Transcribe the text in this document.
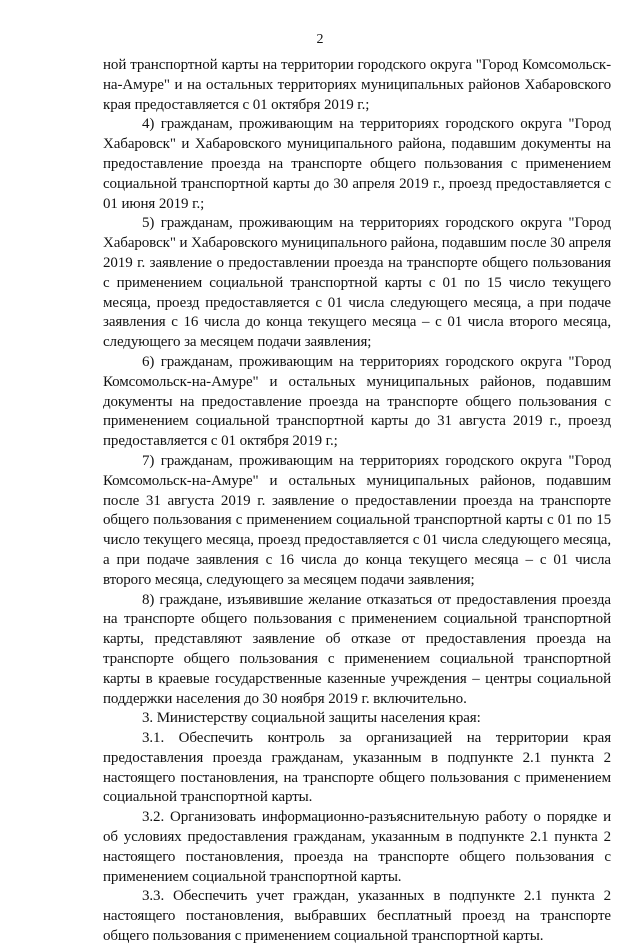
2

ной транспортной карты на территории городского округа "Город Комсомольск-на-Амуре" и на остальных территориях муниципальных районов Хабаровского края предоставляется с 01 октября 2019 г.;

4) гражданам, проживающим на территориях городского округа "Город Хабаровск" и Хабаровского муниципального района, подавшим документы на предоставление проезда на транспорте общего пользования с применением социальной транспортной карты до 30 апреля 2019 г., проезд предоставляется с 01 июня 2019 г.;

5) гражданам, проживающим на территориях городского округа "Город Хабаровск" и Хабаровского муниципального района, подавшим после 30 апреля 2019 г. заявление о предоставлении проезда на транспорте общего пользования с применением социальной транспортной карты с 01 по 15 число текущего месяца, проезд предоставляется с 01 числа следующего месяца, а при подаче заявления с 16 числа до конца текущего месяца – с 01 числа второго месяца, следующего за месяцем подачи заявления;

6) гражданам, проживающим на территориях городского округа "Город Комсомольск-на-Амуре" и остальных муниципальных районов, подавшим документы на предоставление проезда на транспорте общего пользования с применением социальной транспортной карты до 31 августа 2019 г., проезд предоставляется с 01 октября 2019 г.;

7) гражданам, проживающим на территориях городского округа "Город Комсомольск-на-Амуре" и остальных муниципальных районов, подавшим после 31 августа 2019 г. заявление о предоставлении проезда на транспорте общего пользования с применением социальной транспортной карты с 01 по 15 число текущего месяца, проезд предоставляется с 01 числа следующего месяца, а при подаче заявления с 16 числа до конца текущего месяца – с 01 числа второго месяца, следующего за месяцем подачи заявления;

8) граждане, изъявившие желание отказаться от предоставления проезда на транспорте общего пользования с применением социальной транспортной карты, представляют заявление об отказе от предоставления проезда на транспорте общего пользования с применением социальной транспортной карты в краевые государственные казенные учреждения – центры социальной поддержки населения до 30 ноября 2019 г. включительно.

3. Министерству социальной защиты населения края:

3.1. Обеспечить контроль за организацией на территории края предоставления проезда гражданам, указанным в подпункте 2.1 пункта 2 настоящего постановления, на транспорте общего пользования с применением социальной транспортной карты.

3.2. Организовать информационно-разъяснительную работу о порядке и об условиях предоставления гражданам, указанным в подпункте 2.1 пункта 2 настоящего постановления, проезда на транспорте общего пользования с применением социальной транспортной карты.

3.3. Обеспечить учет граждан, указанных в подпункте 2.1 пункта 2 настоящего постановления, выбравших бесплатный проезд на транспорте общего пользования с применением социальной транспортной карты.
